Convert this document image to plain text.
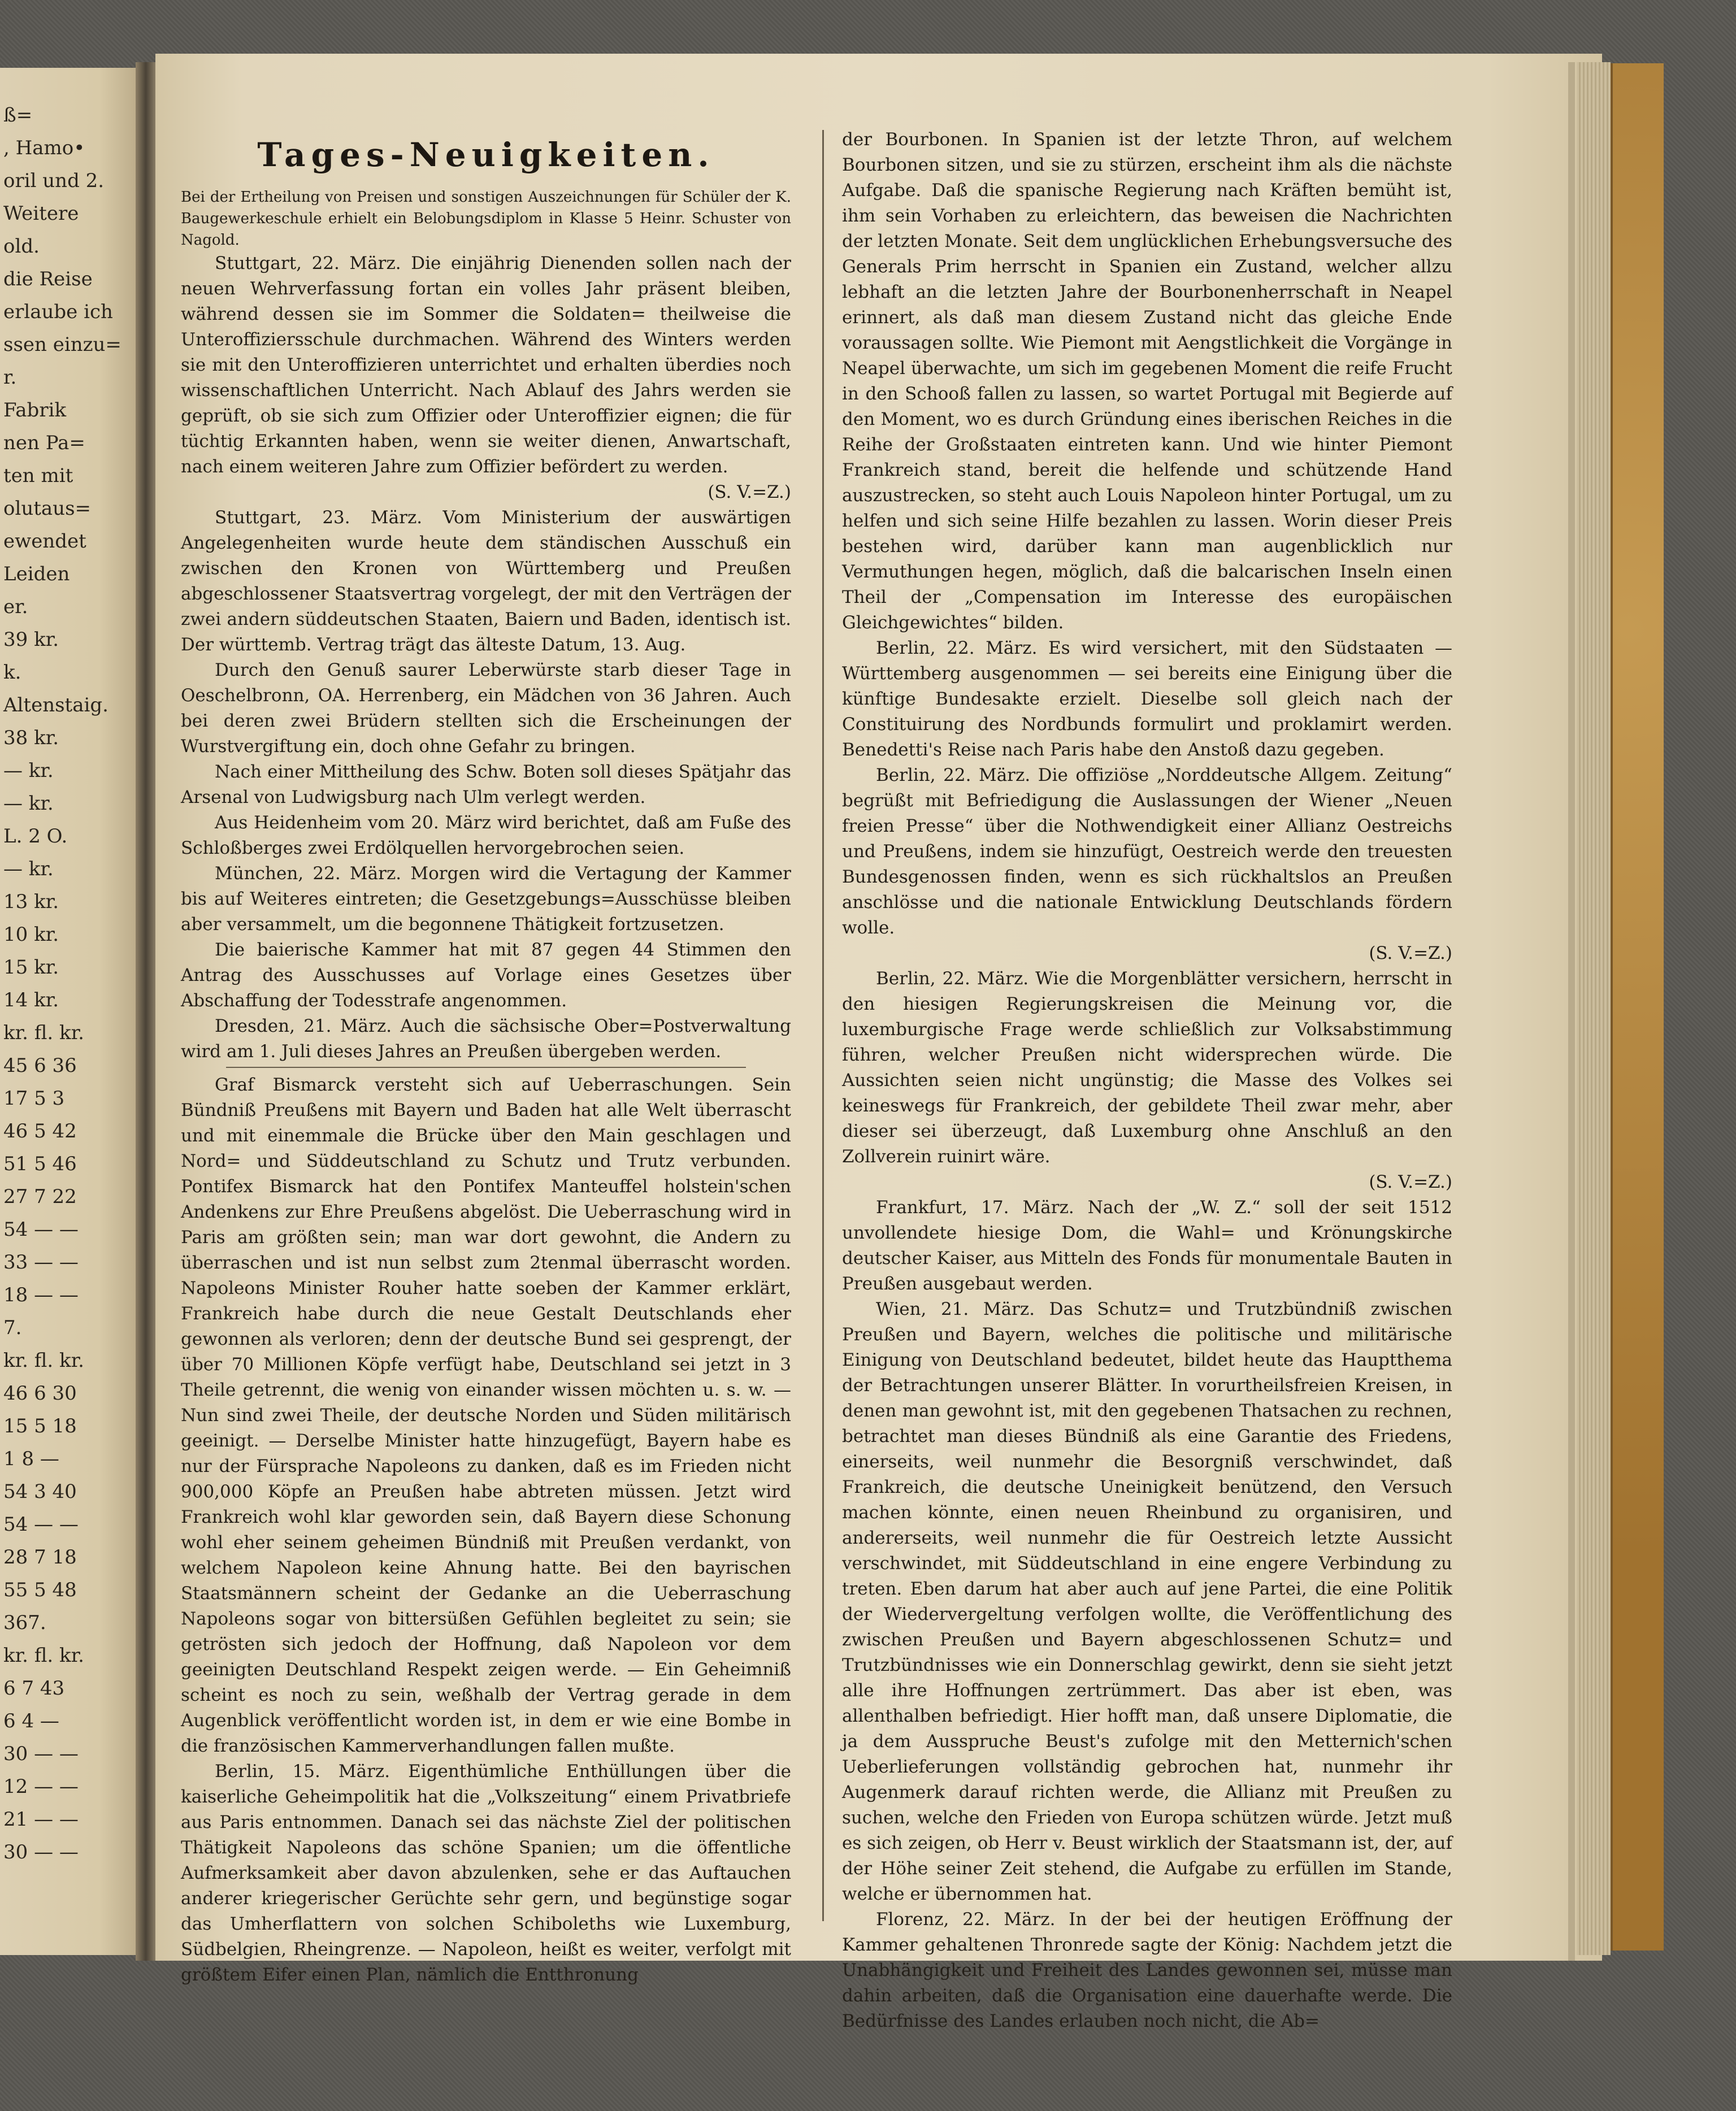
ß=
, Hamo•
oril und 2.
Weitere
old.
die Reise
erlaube ich
ssen einzu=
r.
Fabrik
nen Pa=
ten mit
olutaus=
ewendet
Leiden
er.
39 kr.
k.
Altenstaig.
38 kr.
— kr.
— kr.
L. 2 O.
— kr.
13 kr.
10 kr.
15 kr.
14 kr.
kr. fl. kr.
45 6 36
17 5 3
46 5 42
51 5 46
27 7 22
54 — —
33 — —
18 — —
7.
kr. fl. kr.
46 6 30
15 5 18
1 8 —
54 3 40
54 — —
28 7 18
55 5 48
367.
kr. fl. kr.
6 7 43
6 4 —
30 — —
12 — —
21 — —
30 — —
Tages-Neuigkeiten.

Bei der Ertheilung von Preisen und sonstigen Auszeichnungen für Schüler der K. Baugewerkeschule erhielt ein Belobungsdiplom in Klasse 5 Heinr. Schuster von Nagold.

Stuttgart, 22. März. Die einjährig Dienenden sollen nach der neuen Wehrverfassung fortan ein volles Jahr präsent bleiben, während dessen sie im Sommer die Soldaten= theilweise die Unteroffiziersschule durchmachen. Während des Winters werden sie mit den Unteroffizieren unterrichtet und erhalten überdies noch wissenschaftlichen Unterricht. Nach Ablauf des Jahrs werden sie geprüft, ob sie sich zum Offizier oder Unteroffizier eignen; die für tüchtig Erkannten haben, wenn sie weiter dienen, Anwartschaft, nach einem weiteren Jahre zum Offizier befördert zu werden.

(S. V.=Z.)

Stuttgart, 23. März. Vom Ministerium der auswärtigen Angelegenheiten wurde heute dem ständischen Ausschuß ein zwischen den Kronen von Württemberg und Preußen abgeschlossener Staatsvertrag vorgelegt, der mit den Verträgen der zwei andern süddeutschen Staaten, Baiern und Baden, identisch ist. Der württemb. Vertrag trägt das älteste Datum, 13. Aug.

Durch den Genuß saurer Leberwürste starb dieser Tage in Oeschelbronn, OA. Herrenberg, ein Mädchen von 36 Jahren. Auch bei deren zwei Brüdern stellten sich die Erscheinungen der Wurstvergiftung ein, doch ohne Gefahr zu bringen.

Nach einer Mittheilung des Schw. Boten soll dieses Spätjahr das Arsenal von Ludwigsburg nach Ulm verlegt werden.

Aus Heidenheim vom 20. März wird berichtet, daß am Fuße des Schloßberges zwei Erdölquellen hervorgebrochen seien.

München, 22. März. Morgen wird die Vertagung der Kammer bis auf Weiteres eintreten; die Gesetzgebungs=Ausschüsse bleiben aber versammelt, um die begonnene Thätigkeit fortzusetzen.

Die baierische Kammer hat mit 87 gegen 44 Stimmen den Antrag des Ausschusses auf Vorlage eines Gesetzes über Abschaffung der Todesstrafe angenommen.

Dresden, 21. März. Auch die sächsische Ober=Postverwaltung wird am 1. Juli dieses Jahres an Preußen übergeben werden.

Graf Bismarck versteht sich auf Ueberraschungen. Sein Bündniß Preußens mit Bayern und Baden hat alle Welt überrascht und mit einemmale die Brücke über den Main geschlagen und Nord= und Süddeutschland zu Schutz und Trutz verbunden. Pontifex Bismarck hat den Pontifex Manteuffel holstein'schen Andenkens zur Ehre Preußens abgelöst. Die Ueberraschung wird in Paris am größten sein; man war dort gewohnt, die Andern zu überraschen und ist nun selbst zum 2tenmal überrascht worden. Napoleons Minister Rouher hatte soeben der Kammer erklärt, Frankreich habe durch die neue Gestalt Deutschlands eher gewonnen als verloren; denn der deutsche Bund sei gesprengt, der über 70 Millionen Köpfe verfügt habe, Deutschland sei jetzt in 3 Theile getrennt, die wenig von einander wissen möchten u. s. w. — Nun sind zwei Theile, der deutsche Norden und Süden militärisch geeinigt. — Derselbe Minister hatte hinzugefügt, Bayern habe es nur der Fürsprache Napoleons zu danken, daß es im Frieden nicht 900,000 Köpfe an Preußen habe abtreten müssen. Jetzt wird Frankreich wohl klar geworden sein, daß Bayern diese Schonung wohl eher seinem geheimen Bündniß mit Preußen verdankt, von welchem Napoleon keine Ahnung hatte. Bei den bayrischen Staatsmännern scheint der Gedanke an die Ueberraschung Napoleons sogar von bittersüßen Gefühlen begleitet zu sein; sie getrösten sich jedoch der Hoffnung, daß Napoleon vor dem geeinigten Deutschland Respekt zeigen werde. — Ein Geheimniß scheint es noch zu sein, weßhalb der Vertrag gerade in dem Augenblick veröffentlicht worden ist, in dem er wie eine Bombe in die französischen Kammerverhandlungen fallen mußte.

Berlin, 15. März. Eigenthümliche Enthüllungen über die kaiserliche Geheimpolitik hat die „Volkszeitung“ einem Privatbriefe aus Paris entnommen. Danach sei das nächste Ziel der politischen Thätigkeit Napoleons das schöne Spanien; um die öffentliche Aufmerksamkeit aber davon abzulenken, sehe er das Auftauchen anderer kriegerischer Gerüchte sehr gern, und begünstige sogar das Umherflattern von solchen Schiboleths wie Luxemburg, Südbelgien, Rheingrenze. — Napoleon, heißt es weiter, verfolgt mit größtem Eifer einen Plan, nämlich die Entthronung

der Bourbonen. In Spanien ist der letzte Thron, auf welchem Bourbonen sitzen, und sie zu stürzen, erscheint ihm als die nächste Aufgabe. Daß die spanische Regierung nach Kräften bemüht ist, ihm sein Vorhaben zu erleichtern, das beweisen die Nachrichten der letzten Monate. Seit dem unglücklichen Erhebungsversuche des Generals Prim herrscht in Spanien ein Zustand, welcher allzu lebhaft an die letzten Jahre der Bourbonenherrschaft in Neapel erinnert, als daß man diesem Zustand nicht das gleiche Ende voraussagen sollte. Wie Piemont mit Aengstlichkeit die Vorgänge in Neapel überwachte, um sich im gegebenen Moment die reife Frucht in den Schooß fallen zu lassen, so wartet Portugal mit Begierde auf den Moment, wo es durch Gründung eines iberischen Reiches in die Reihe der Großstaaten eintreten kann. Und wie hinter Piemont Frankreich stand, bereit die helfende und schützende Hand auszustrecken, so steht auch Louis Napoleon hinter Portugal, um zu helfen und sich seine Hilfe bezahlen zu lassen. Worin dieser Preis bestehen wird, darüber kann man augenblicklich nur Vermuthungen hegen, möglich, daß die balcarischen Inseln einen Theil der „Compensation im Interesse des europäischen Gleichgewichtes“ bilden.

Berlin, 22. März. Es wird versichert, mit den Südstaaten — Württemberg ausgenommen — sei bereits eine Einigung über die künftige Bundesakte erzielt. Dieselbe soll gleich nach der Constituirung des Nordbunds formulirt und proklamirt werden. Benedetti's Reise nach Paris habe den Anstoß dazu gegeben.

Berlin, 22. März. Die offiziöse „Norddeutsche Allgem. Zeitung“ begrüßt mit Befriedigung die Auslassungen der Wiener „Neuen freien Presse“ über die Nothwendigkeit einer Allianz Oestreichs und Preußens, indem sie hinzufügt, Oestreich werde den treuesten Bundesgenossen finden, wenn es sich rückhaltslos an Preußen anschlösse und die nationale Entwicklung Deutschlands fördern wolle.

(S. V.=Z.)

Berlin, 22. März. Wie die Morgenblätter versichern, herrscht in den hiesigen Regierungskreisen die Meinung vor, die luxemburgische Frage werde schließlich zur Volksabstimmung führen, welcher Preußen nicht widersprechen würde. Die Aussichten seien nicht ungünstig; die Masse des Volkes sei keineswegs für Frankreich, der gebildete Theil zwar mehr, aber dieser sei überzeugt, daß Luxemburg ohne Anschluß an den Zollverein ruinirt wäre.

(S. V.=Z.)

Frankfurt, 17. März. Nach der „W. Z.“ soll der seit 1512 unvollendete hiesige Dom, die Wahl= und Krönungskirche deutscher Kaiser, aus Mitteln des Fonds für monumentale Bauten in Preußen ausgebaut werden.

Wien, 21. März. Das Schutz= und Trutzbündniß zwischen Preußen und Bayern, welches die politische und militärische Einigung von Deutschland bedeutet, bildet heute das Hauptthema der Betrachtungen unserer Blätter. In vorurtheilsfreien Kreisen, in denen man gewohnt ist, mit den gegebenen Thatsachen zu rechnen, betrachtet man dieses Bündniß als eine Garantie des Friedens, einerseits, weil nunmehr die Besorgniß verschwindet, daß Frankreich, die deutsche Uneinigkeit benützend, den Versuch machen könnte, einen neuen Rheinbund zu organisiren, und andererseits, weil nunmehr die für Oestreich letzte Aussicht verschwindet, mit Süddeutschland in eine engere Verbindung zu treten. Eben darum hat aber auch auf jene Partei, die eine Politik der Wiedervergeltung verfolgen wollte, die Veröffentlichung des zwischen Preußen und Bayern abgeschlossenen Schutz= und Trutzbündnisses wie ein Donnerschlag gewirkt, denn sie sieht jetzt alle ihre Hoffnungen zertrümmert. Das aber ist eben, was allenthalben befriedigt. Hier hofft man, daß unsere Diplomatie, die ja dem Ausspruche Beust's zufolge mit den Metternich'schen Ueberlieferungen vollständig gebrochen hat, nunmehr ihr Augenmerk darauf richten werde, die Allianz mit Preußen zu suchen, welche den Frieden von Europa schützen würde. Jetzt muß es sich zeigen, ob Herr v. Beust wirklich der Staatsmann ist, der, auf der Höhe seiner Zeit stehend, die Aufgabe zu erfüllen im Stande, welche er übernommen hat.

Florenz, 22. März. In der bei der heutigen Eröffnung der Kammer gehaltenen Thronrede sagte der König: Nachdem jetzt die Unabhängigkeit und Freiheit des Landes gewonnen sei, müsse man dahin arbeiten, daß die Organisation eine dauerhafte werde. Die Bedürfnisse des Landes erlauben noch nicht, die Ab=
